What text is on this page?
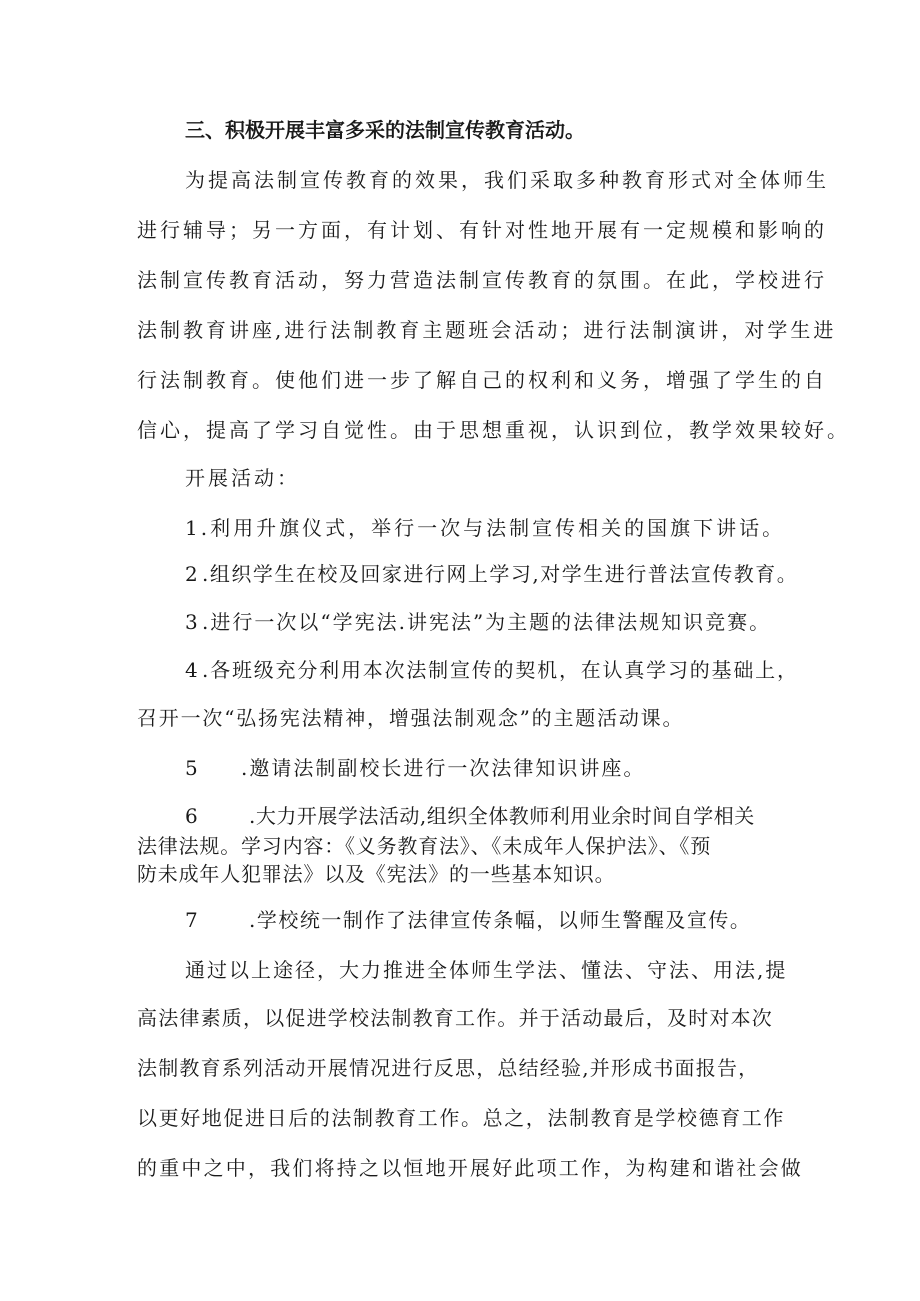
三、积极开展丰富多采的法制宣传教育活动。
为提高法制宣传教育的效果，我们采取多种教育形式对全体师生
进行辅导；另一方面，有计划、有针对性地开展有一定规模和影响的
法制宣传教育活动，努力营造法制宣传教育的氛围。在此，学校进行
法制教育讲座,进行法制教育主题班会活动；进行法制演讲，对学生进
行法制教育。使他们进一步了解自己的权利和义务，增强了学生的自
信心，提高了学习自觉性。由于思想重视，认识到位，教学效果较好。
开展活动：
1.利用升旗仪式，举行一次与法制宣传相关的国旗下讲话。
2 .组织学生在校及回家进行网上学习,对学生进行普法宣传教育。
3 .进行一次以“学宪法.讲宪法”为主题的法律法规知识竞赛。
4 .各班级充分利用本次法制宣传的契机，在认真学习的基础上，
召开一次“弘扬宪法精神，增强法制观念”的主题活动课。
5 .邀请法制副校长进行一次法律知识讲座。
6	.大力开展学法活动,组织全体教师利用业余时间自学相关
法律法规。学习内容：《义务教育法》、《未成年人保护法》、《预
防未成年人犯罪法》以及《宪法》的一些基本知识。
7 .学校统一制作了法律宣传条幅，以师生警醒及宣传。
通过以上途径，大力推进全体师生学法、懂法、守法、用法,提
高法律素质，以促进学校法制教育工作。并于活动最后，及时对本次
法制教育系列活动开展情况进行反思，总结经验,并形成书面报告，
以更好地促进日后的法制教育工作。总之，法制教育是学校德育工作
的重中之中，我们将持之以恒地开展好此项工作，为构建和谐社会做
